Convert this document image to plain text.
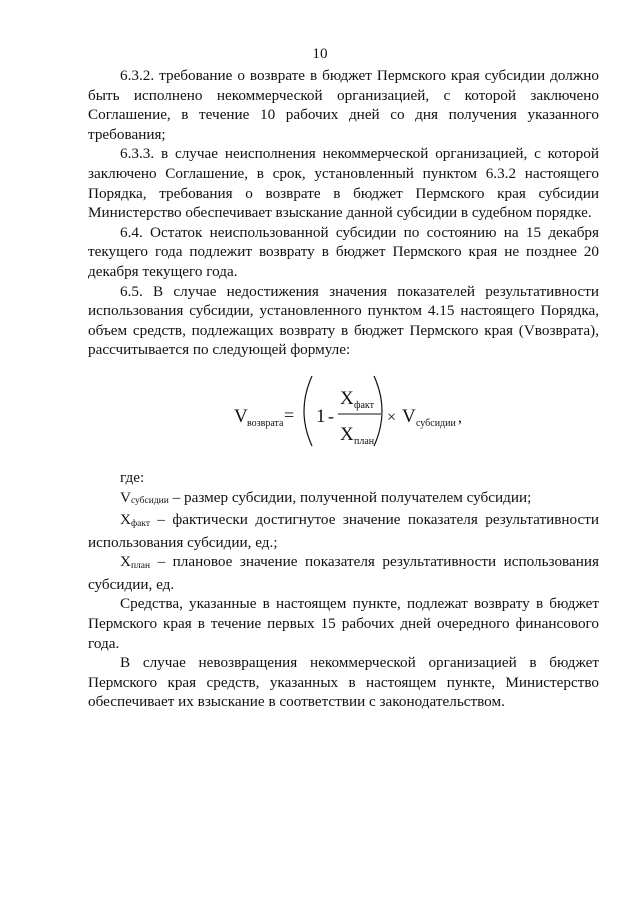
10

6.3.2. требование о возврате в бюджет Пермского края субсидии должно быть исполнено некоммерческой организацией, с которой заключено Соглашение, в течение 10 рабочих дней со дня получения указанного требования;

6.3.3. в случае неисполнения некоммерческой организацией, с которой заключено Соглашение, в срок, установленный пунктом 6.3.2 настоящего Порядка, требования о возврате в бюджет Пермского края субсидии Министерство обеспечивает взыскание данной субсидии в судебном порядке.

6.4. Остаток неиспользованной субсидии по состоянию на 15 декабря текущего года подлежит возврату в бюджет Пермского края не позднее 20 декабря текущего года.

6.5. В случае недостижения значения показателей результативности использования субсидии, установленного пунктом 4.15 настоящего Порядка, объем средств, подлежащих возврату в бюджет Пермского края (Vвозврата), рассчитывается по следующей формуле:

V возврата = 1 -
X факт
X план
× V субсидии ,

где:

Vсубсидии – размер субсидии, полученной получателем субсидии;

Xфакт – фактически достигнутое значение показателя результативности использования субсидии, ед.;

Xплан – плановое значение показателя результативности использования субсидии, ед.

Средства, указанные в настоящем пункте, подлежат возврату в бюджет Пермского края в течение первых 15 рабочих дней очередного финансового года.

В случае невозвращения некоммерческой организацией в бюджет Пермского края средств, указанных в настоящем пункте, Министерство обеспечивает их взыскание в соответствии с законодательством.
